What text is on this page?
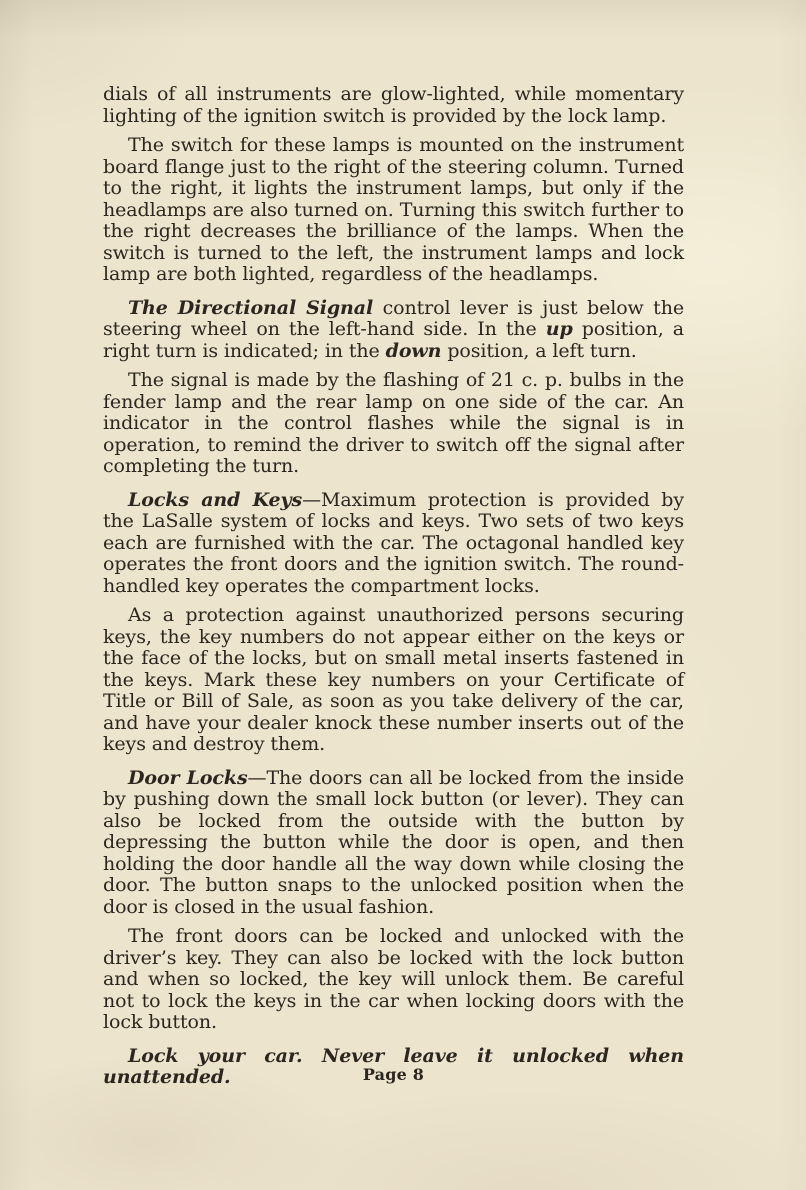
dials of all instruments are glow-lighted, while momentary lighting of the ignition switch is provided by the lock lamp.

The switch for these lamps is mounted on the instrument board flange just to the right of the steering column. Turned to the right, it lights the instrument lamps, but only if the headlamps are also turned on. Turning this switch further to the right decreases the brilliance of the lamps. When the switch is turned to the left, the instrument lamps and lock lamp are both lighted, regardless of the headlamps.

The Directional Signal control lever is just below the steering wheel on the left-hand side. In the up position, a right turn is indicated; in the down position, a left turn.

The signal is made by the flashing of 21 c. p. bulbs in the fender lamp and the rear lamp on one side of the car. An indicator in the control flashes while the signal is in operation, to remind the driver to switch off the signal after completing the turn.

Locks and Keys—Maximum protection is provided by the LaSalle system of locks and keys. Two sets of two keys each are furnished with the car. The octagonal handled key operates the front doors and the ignition switch. The round-handled key operates the compartment locks.

As a protection against unauthorized persons securing keys, the key numbers do not appear either on the keys or the face of the locks, but on small metal inserts fastened in the keys. Mark these key numbers on your Certificate of Title or Bill of Sale, as soon as you take delivery of the car, and have your dealer knock these number inserts out of the keys and destroy them.

Door Locks—The doors can all be locked from the inside by pushing down the small lock button (or lever). They can also be locked from the outside with the button by depressing the button while the door is open, and then holding the door handle all the way down while closing the door. The button snaps to the unlocked position when the door is closed in the usual fashion.

The front doors can be locked and unlocked with the driver’s key. They can also be locked with the lock button and when so locked, the key will unlock them. Be careful not to lock the keys in the car when locking doors with the lock button.

Lock your car. Never leave it unlocked when unattended.	Page 8
